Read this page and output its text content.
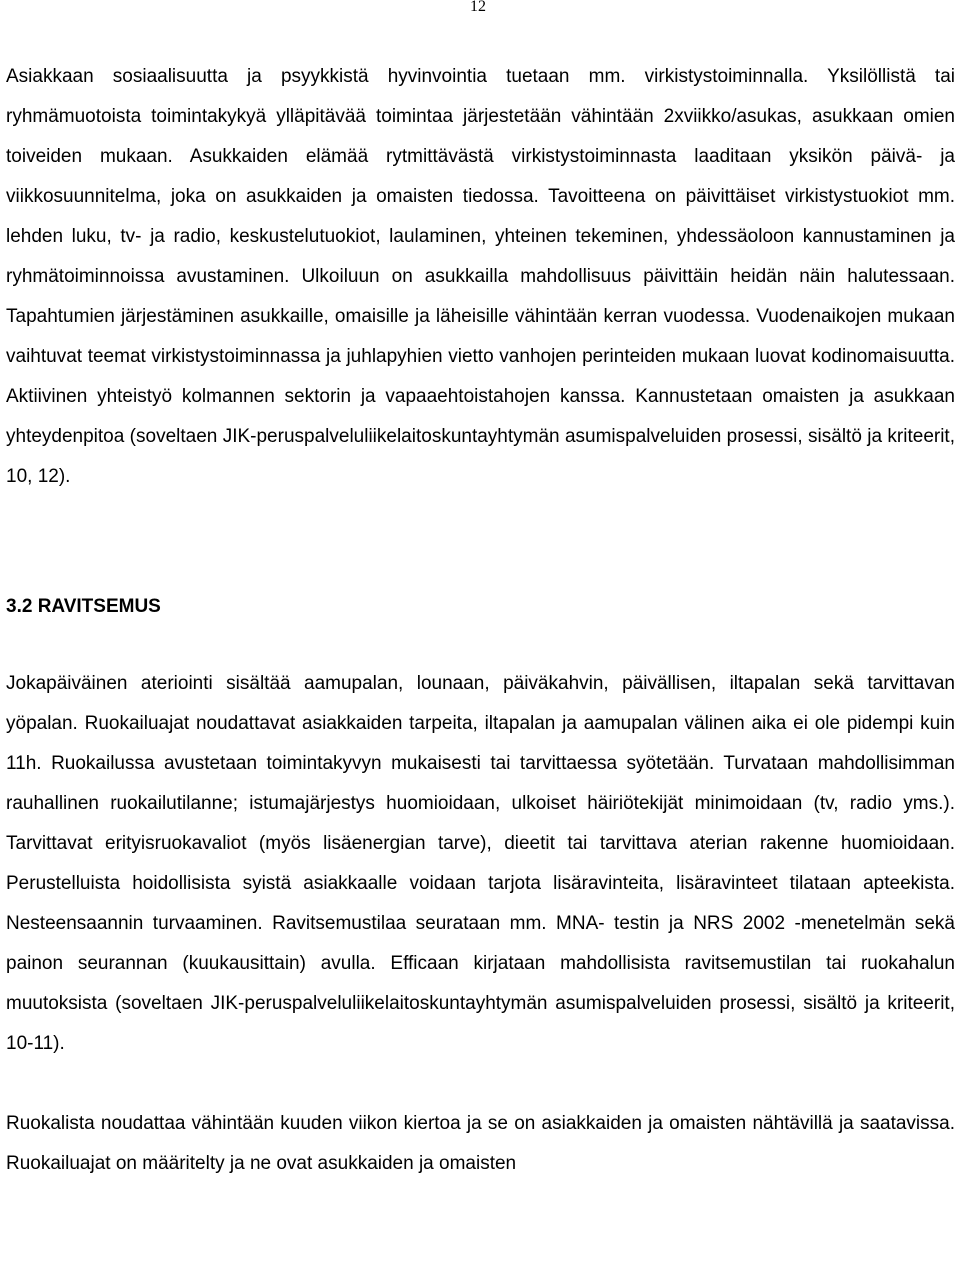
12

Asiakkaan sosiaalisuutta ja psyykkistä hyvinvointia tuetaan mm. virkistystoiminnalla. Yksilöllistä tai ryhmämuotoista toimintakykyä ylläpitävää toimintaa järjestetään vähintään 2xviikko/asukas, asukkaan omien toiveiden mukaan. Asukkaiden elämää rytmittävästä virkistystoiminnasta laaditaan yksikön päivä- ja viikkosuunnitelma, joka on asukkaiden ja omaisten tiedossa. Tavoitteena on päivittäiset virkistystuokiot mm. lehden luku, tv- ja radio, keskustelutuokiot, laulaminen, yhteinen tekeminen, yhdessäoloon kannustaminen ja ryhmätoiminnoissa avustaminen. Ulkoiluun on asukkailla mahdollisuus päivittäin heidän näin halutessaan. Tapahtumien järjestäminen asukkaille, omaisille ja läheisille vähintään kerran vuodessa. Vuodenaikojen mukaan vaihtuvat teemat virkistystoiminnassa ja juhlapyhien vietto vanhojen perinteiden mukaan luovat kodinomaisuutta. Aktiivinen yhteistyö kolmannen sektorin ja vapaaehtoistahojen kanssa. Kannustetaan omaisten ja asukkaan yhteydenpitoa (soveltaen JIK-peruspalveluliikelaitoskuntayhtymän asumispalveluiden prosessi, sisältö ja kriteerit, 10, 12).

3.2 RAVITSEMUS

Jokapäiväinen ateriointi sisältää aamupalan, lounaan, päiväkahvin, päivällisen, iltapalan sekä tarvittavan yöpalan. Ruokailuajat noudattavat asiakkaiden tarpeita, iltapalan ja aamupalan välinen aika ei ole pidempi kuin 11h. Ruokailussa avustetaan toimintakyvyn mukaisesti tai tarvittaessa syötetään. Turvataan mahdollisimman rauhallinen ruokailutilanne; istumajärjestys huomioidaan, ulkoiset häiriötekijät minimoidaan (tv, radio yms.). Tarvittavat erityisruokavaliot (myös lisäenergian tarve), dieetit tai tarvittava aterian rakenne huomioidaan. Perustelluista hoidollisista syistä asiakkaalle voidaan tarjota lisäravinteita, lisäravinteet tilataan apteekista. Nesteensaannin turvaaminen. Ravitsemustilaa seurataan mm. MNA- testin ja NRS 2002 -menetelmän sekä painon seurannan (kuukausittain) avulla. Efficaan kirjataan mahdollisista ravitsemustilan tai ruokahalun muutoksista (soveltaen JIK-peruspalveluliikelaitoskuntayhtymän asumispalveluiden prosessi, sisältö ja kriteerit, 10-11).

Ruokalista noudattaa vähintään kuuden viikon kiertoa ja se on asiakkaiden ja omaisten nähtävillä ja saatavissa. Ruokailuajat on määritelty ja ne ovat asukkaiden ja omaisten
